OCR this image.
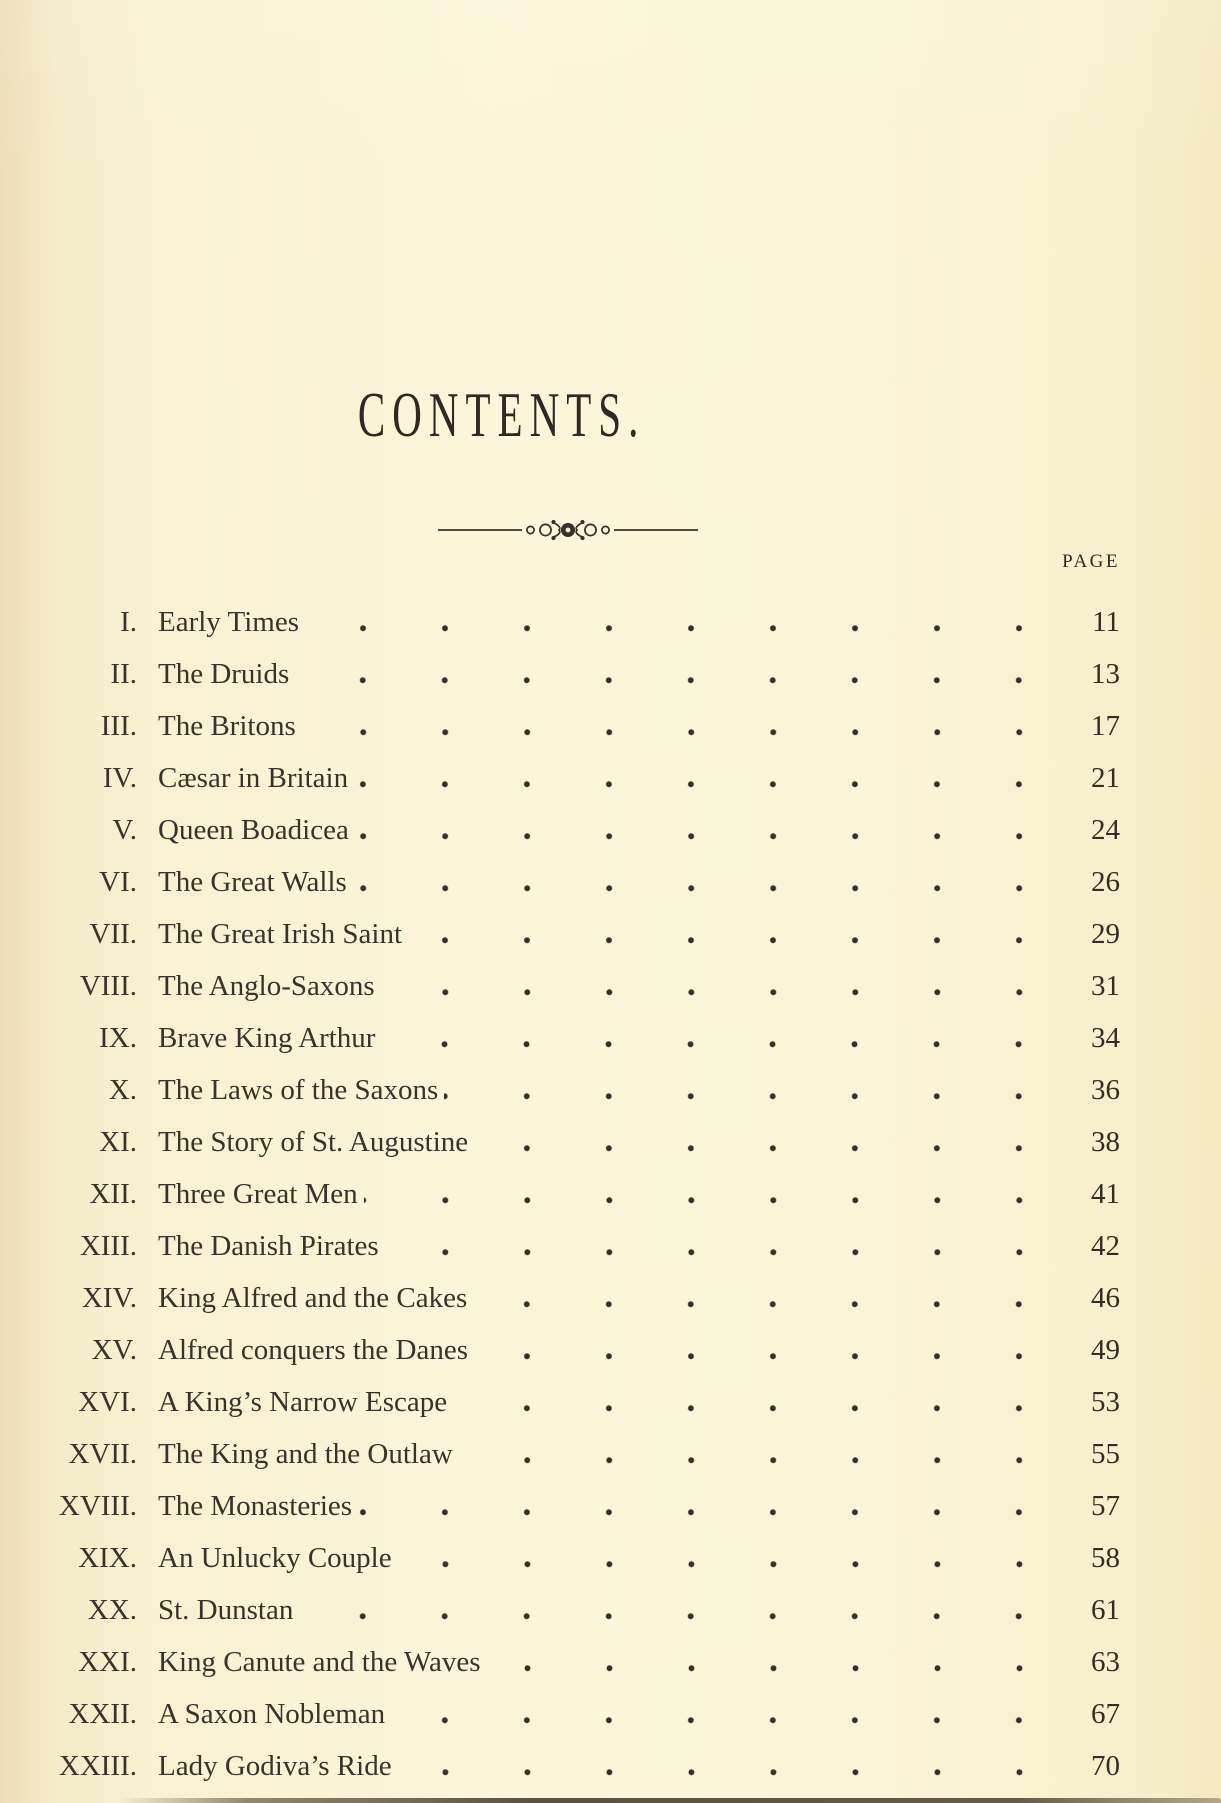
CONTENTS.
PAGE
I. Early Times	11
II. The Druids	13
III. The Britons	17
IV. Cæsar in Britain	21
V. Queen Boadicea	24
VI. The Great Walls	26
VII. The Great Irish Saint	29
VIII. The Anglo-Saxons	31
IX. Brave King Arthur	34
X. The Laws of the Saxons	36
XI. The Story of St. Augustine	38
XII. Three Great Men	41
XIII. The Danish Pirates	42
XIV. King Alfred and the Cakes	46
XV. Alfred conquers the Danes	49
XVI. A King’s Narrow Escape	53
XVII. The King and the Outlaw	55
XVIII. The Monasteries	57
XIX. An Unlucky Couple	58
XX. St. Dunstan	61
XXI. King Canute and the Waves	63
XXII. A Saxon Nobleman	67
XXIII. Lady Godiva’s Ride	70
